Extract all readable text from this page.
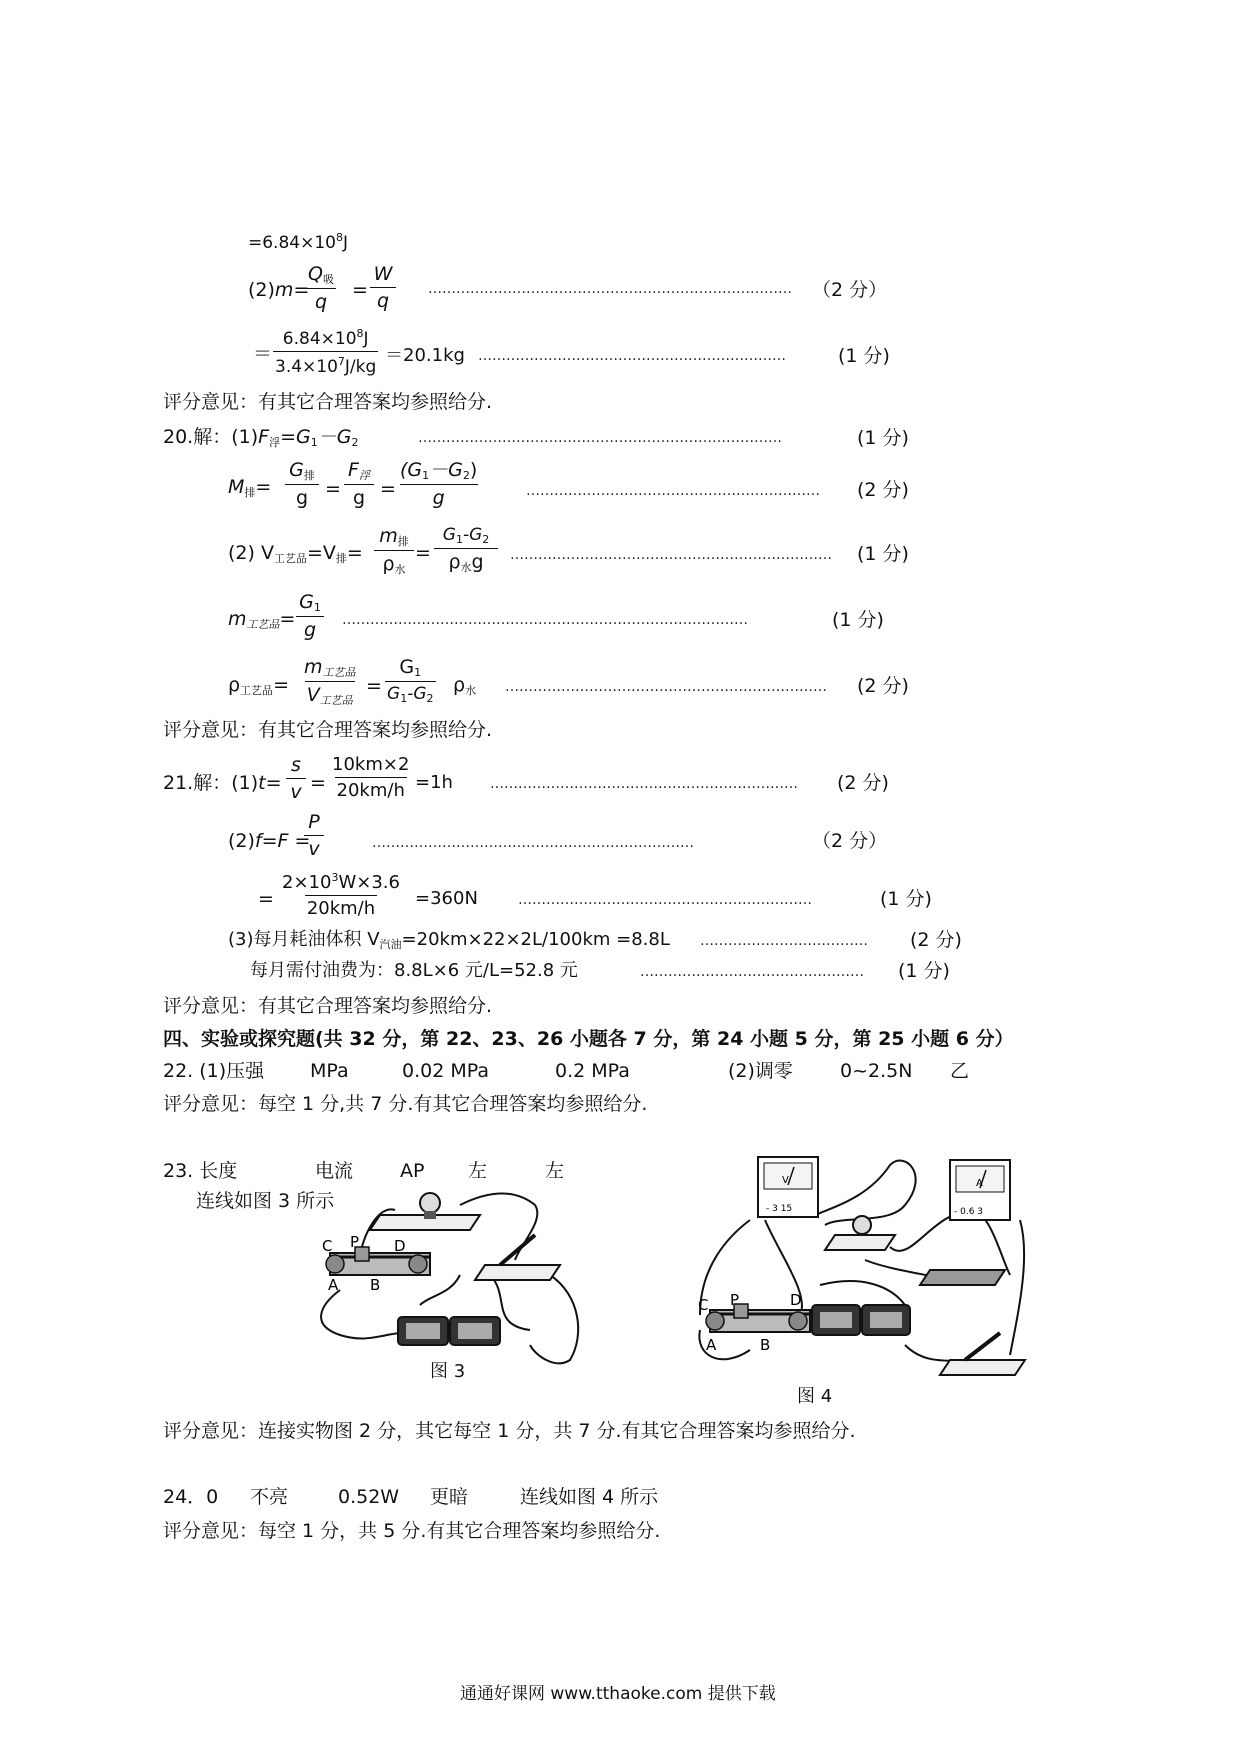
$=6.84\times 10^8J$
(2)m=
$Q_吸$
q
= $\frac{W}{q}$ …………………………………………………………………… （2 分）
＝ $\frac{6.84\times 10^8J}{3.4\times 10^7J/kg} =20.1kg$ …………………………………………………………	(1 分)
评分意见：有其它合理答案均参照给分.
20.解：$(1)F_浮=G_1-G_2$	……………………………………………………………………	(1 分)
$M_排=$
$G_排$
g =
$F_浮$
$g = \frac{(G_1-G_2)}{g}$	……………………………………………………… (2 分)
(2) $V_{工艺品}=V_排=$
$m_排$
$\rho_水$
=
$G_1-G_2$
$\rho_水g$	…………………………………………………………… (1 分)
$m_{工艺品}= \frac{G_1}{g}$ ……………………………………………………………………………	(1 分)
$\rho_{工艺品}=$
$m_{工艺品}$
$V_{工艺品}$
= $\frac{G_1}{G_1-G_2} \rho_水$ …………………………………………………………… (2 分)
评分意见：有其它合理答案均参照给分.
21.解：$(1)t= \frac{s}{v} = \frac{10km\times 2}{20km/h} =1h$	………………………………………………………… (2 分)
(2)f=F =
$\frac{P}{v}$	……………………………………………………………	（2 分）
= $\frac{2\times 10^3W\times 3.6}{20km/h} =360N$	………………………………………………………	(1 分)
(3)每月耗油体积 $V_{汽油}=20km\times 22\times 2L/100km =8.8L$ ……………………………… (2 分)
每月需付油费为：8.8L×6 元/L=52.8 元	………………………………………… (1 分)
评分意见：有其它合理答案均参照给分.
四、实验或探究题(共 32 分，第 22、23、26 小题各 7 分，第 24 小题 5 分，第 25 小题 6 分）
22. (1)压强 MPa	0.02 MPa	0.2 MPa	(2)调零 0~2.5N 乙
评分意见：每空 1 分,共 7 分.有其它合理答案均参照给分.
23. 长度	电流 AP 左	左
连线如图 3 所示
C P D
A B
图 3
V
- 3 15
A
- 0.6 3
C P	D
A	B
图 4
评分意见：连接实物图 2 分，其它每空 1 分，共 7 分.有其它合理答案均参照给分.
24．0 不亮	0.52W 更暗	连线如图 4 所示
评分意见：每空 1 分，共 5 分.有其它合理答案均参照给分.
通通好课网 www.tthaoke.com 提供下载
